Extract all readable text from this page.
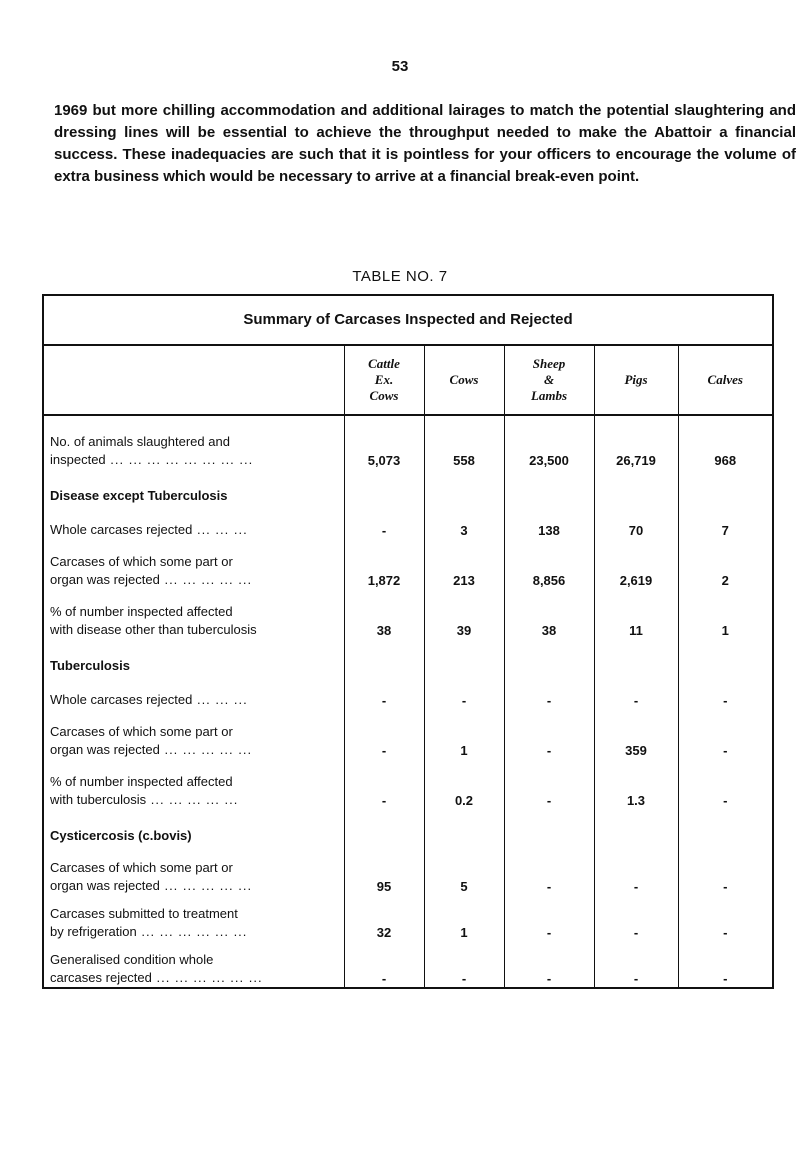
53
1969 but more chilling accommodation and additional lairages to match the potential slaughtering and dressing lines will be essential to achieve the throughput needed to make the Abattoir a financial success. These inadequacies are such that it is pointless for your officers to encourage the volume of extra business which would be necessary to arrive at a financial break-even point.
TABLE NO. 7
Summary of Carcases Inspected and Rejected
	Cattle
Ex.
Cows	Cows	Sheep
&
Lambs	Pigs	Calves
No. of animals slaughtered and
inspected ... ... ... ... ... ... ... ...	5,073	558	23,500	26,719	968
Disease except Tuberculosis					
Whole carcases rejected ... ... ...	-	3	138	70	7
Carcases of which some part or
organ was rejected ... ... ... ... ...	1,872	213	8,856	2,619	2
% of number inspected affected
with disease other than tuberculosis	38	39	38	11	1
Tuberculosis					
Whole carcases rejected ... ... ...	-	-	-	-	-
Carcases of which some part or
organ was rejected ... ... ... ... ...	-	1	-	359	-
% of number inspected affected
with tuberculosis ... ... ... ... ...	-	0.2	-	1.3	-
Cysticercosis (c.bovis)					
Carcases of which some part or
organ was rejected ... ... ... ... ...	95	5	-	-	-
Carcases submitted to treatment
by refrigeration ... ... ... ... ... ...	32	1	-	-	-
Generalised condition whole
carcases rejected ... ... ... ... ... ...	-	-	-	-	-
